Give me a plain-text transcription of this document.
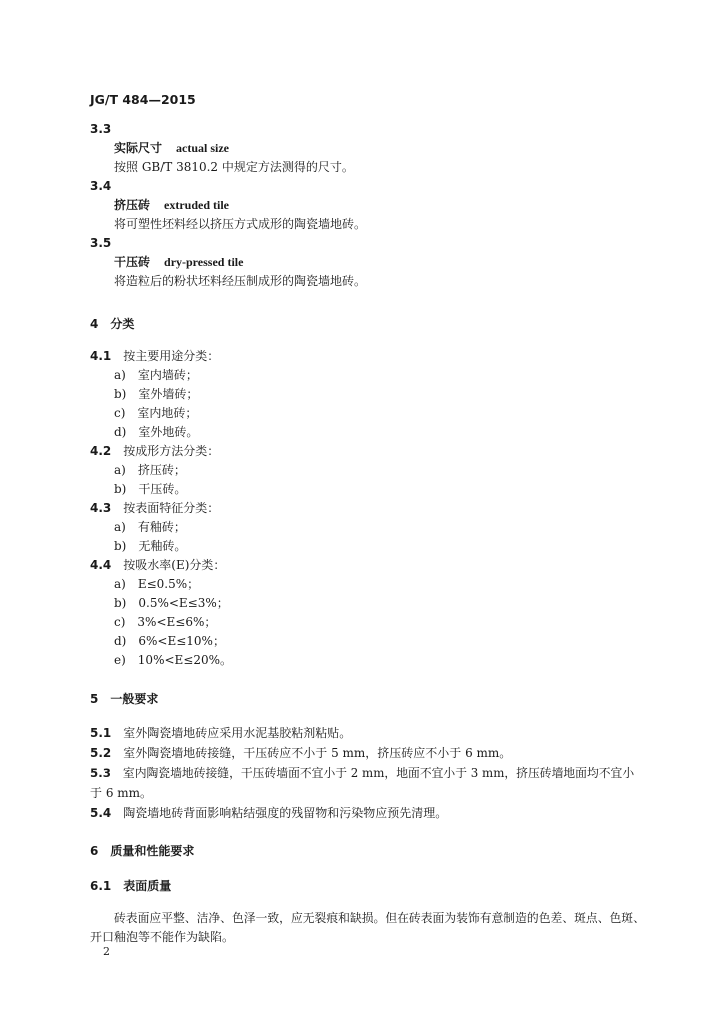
JG/T 484—2015
3.3
实际尺寸 actual size
按照 GB/T 3810.2 中规定方法测得的尺寸。
3.4
挤压砖 extruded tile
将可塑性坯料经以挤压方式成形的陶瓷墙地砖。
3.5
干压砖 dry-pressed tile
将造粒后的粉状坯料经压制成形的陶瓷墙地砖。
4　分类
4.1 按主要用途分类：
a) 室内墙砖；
b) 室外墙砖；
c) 室内地砖；
d) 室外地砖。
4.2 按成形方法分类：
a) 挤压砖；
b) 干压砖。
4.3 按表面特征分类：
a) 有釉砖；
b) 无釉砖。
4.4 按吸水率(E)分类：
a) E≤0.5%；
b) 0.5%<E≤3%；
c) 3%<E≤6%；
d) 6%<E≤10%；
e) 10%<E≤20%。
5　一般要求
5.1 室外陶瓷墙地砖应采用水泥基胶粘剂粘贴。
5.2 室外陶瓷墙地砖接缝，干压砖应不小于 5 mm，挤压砖应不小于 6 mm。
5.3 室内陶瓷墙地砖接缝，干压砖墙面不宜小于 2 mm，地面不宜小于 3 mm，挤压砖墙地面均不宜小
于 6 mm。
5.4 陶瓷墙地砖背面影响粘结强度的残留物和污染物应预先清理。
6　质量和性能要求
6.1 表面质量
砖表面应平整、洁净、色泽一致，应无裂痕和缺损。但在砖表面为装饰有意制造的色差、斑点、色斑、
开口釉泡等不能作为缺陷。
2
